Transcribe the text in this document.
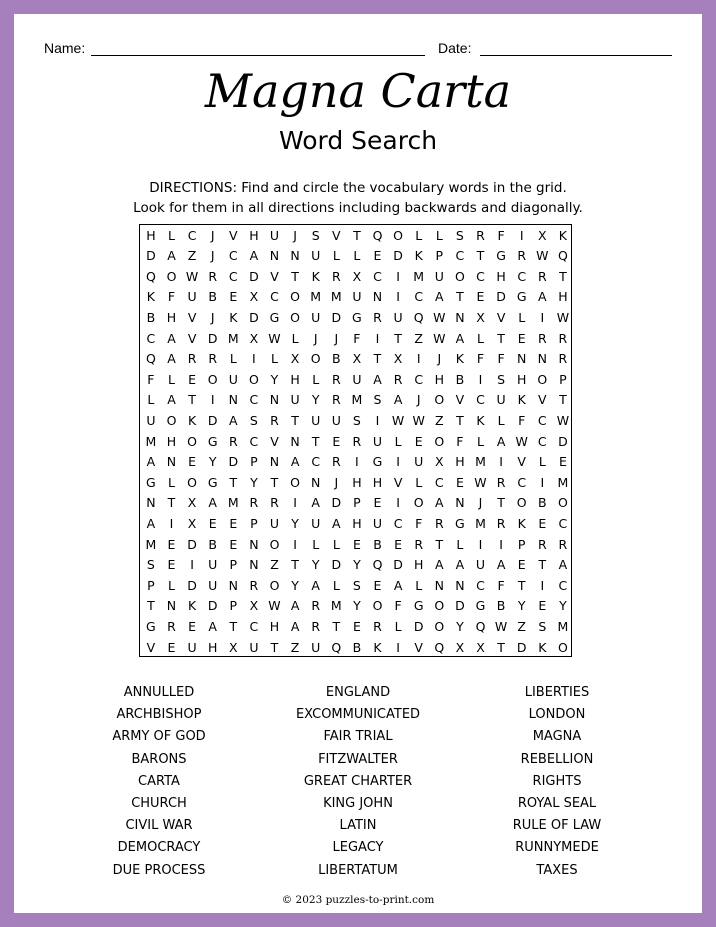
Name:	Date:
Magna Carta
Word Search
DIRECTIONS: Find and circle the vocabulary words in the grid.
Look for them in all directions including backwards and diagonally.
H L	C	J	V H U	J	S V T Q O L	L	S R	F	I	X K
D A Z	J	C A N N U	L	L	E D K	P C T G R W Q
Q O W R C D V	T	K R X C	I	M U O C H C R T
K	F U B E X C O M M U N	I	C A T	E D G A H
B H V	J	K D G O U D G R U Q W N X V	L	I	W
C A V D M X W L	J	J	F	I	T Z W A	L	T	E R R
Q A R R	L	I	L	X O B X T	X	I	J	K	F	F N N R
F	L	E O U O Y H L	R U A R C H B	I	S H O P
L	A	T	I	N C N U Y R M S A	J	O V C U K V T
U O K D A S R T U U S	I	W W Z T	K	L	F	C W
M H O G R C V N T	E R U	L	E O F	L	A W C D
A N E	Y D P N A C R	I	G	I	U X H M	I	V	L	E
G L O G T	Y	T O N	J	H H V	L	C E W R C	I	M
N T	X A M R R	I	A D P	E	I	O A N	J	T O B O
A	I	X E	E	P U Y U A H U C	F	R G M R K	E C
M E D B E N O	I	L	L	E B E R T	L	I	I	P	R R
S	E	I	U P N Z	T	Y D Y Q D H A A U A E	T	A
P	L D U N R O Y	A	L	S	E A	L N N C	F	T	I	C
T N K D P	X W A R M Y O F G O D G B Y	E	Y
G R E A	T C H A R T	E R	L D O Y Q W Z S M
V E U H X U T	Z U Q B K	I	V Q X X	T D K O
ANNULLED
ARCHBISHOP
ARMY OF GOD
BARONS
CARTA
CHURCH
CIVIL WAR
DEMOCRACY
DUE PROCESS
ENGLAND
EXCOMMUNICATED
FAIR TRIAL
FITZWALTER
GREAT CHARTER
KING JOHN
LATIN
LEGACY
LIBERTATUM
LIBERTIES
LONDON
MAGNA
REBELLION
RIGHTS
ROYAL SEAL
RULE OF LAW
RUNNYMEDE
TAXES
© 2023 puzzles-to-print.com
